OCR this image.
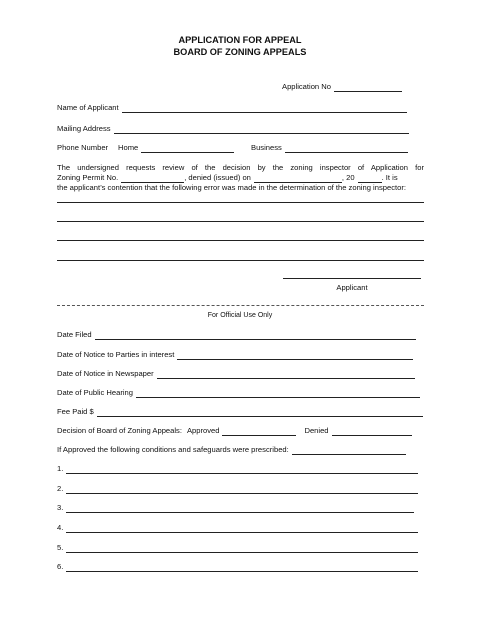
APPLICATION FOR APPEAL
BOARD OF ZONING APPEALS
Application No
Name of Applicant
Mailing Address
Phone Number Home	Business
The undersigned requests review of the decision by the zoning inspector of Application for
Zoning Permit No.	, denied (issued) on	, 20	. It is
the applicant’s contention that the following error was made in the determination of the zoning inspector:
Applicant
For Official Use Only
Date Filed
Date of Notice to Parties in interest
Date of Notice in Newspaper
Date of Public Hearing
Fee Paid $
Decision of Board of Zoning Appeals: Approved	Denied
If Approved the following conditions and safeguards were prescribed:
1.
2.
3.
4.
5.
6.
